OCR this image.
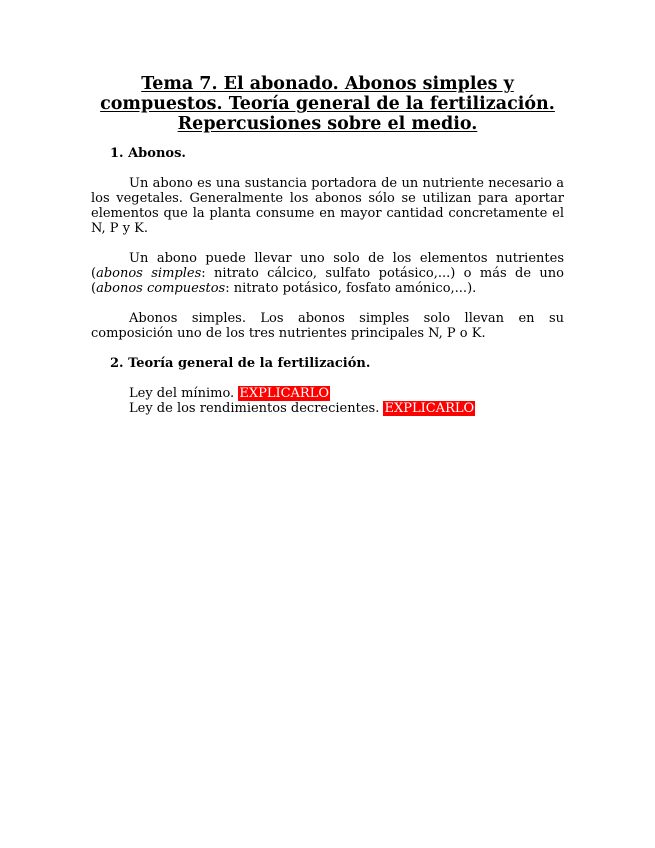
Tema 7. El abonado. Abonos simples y
compuestos. Teoría general de la fertilización.
Repercusiones sobre el medio.
1. Abonos.

Un abono es una sustancia portadora de un nutriente necesario a los vegetales. Generalmente los abonos sólo se utilizan para aportar elementos que la planta consume en mayor cantidad concretamente el N, P y K.

Un abono puede llevar uno solo de los elementos nutrientes (abonos simples: nitrato cálcico, sulfato potásico,...) o más de uno (abonos compuestos: nitrato potásico, fosfato amónico,...).

Abonos simples. Los abonos simples solo llevan en su composición uno de los tres nutrientes principales N, P o K.

2. Teoría general de la fertilización.
Ley del mínimo. EXPLICARLO
Ley de los rendimientos decrecientes. EXPLICARLO
